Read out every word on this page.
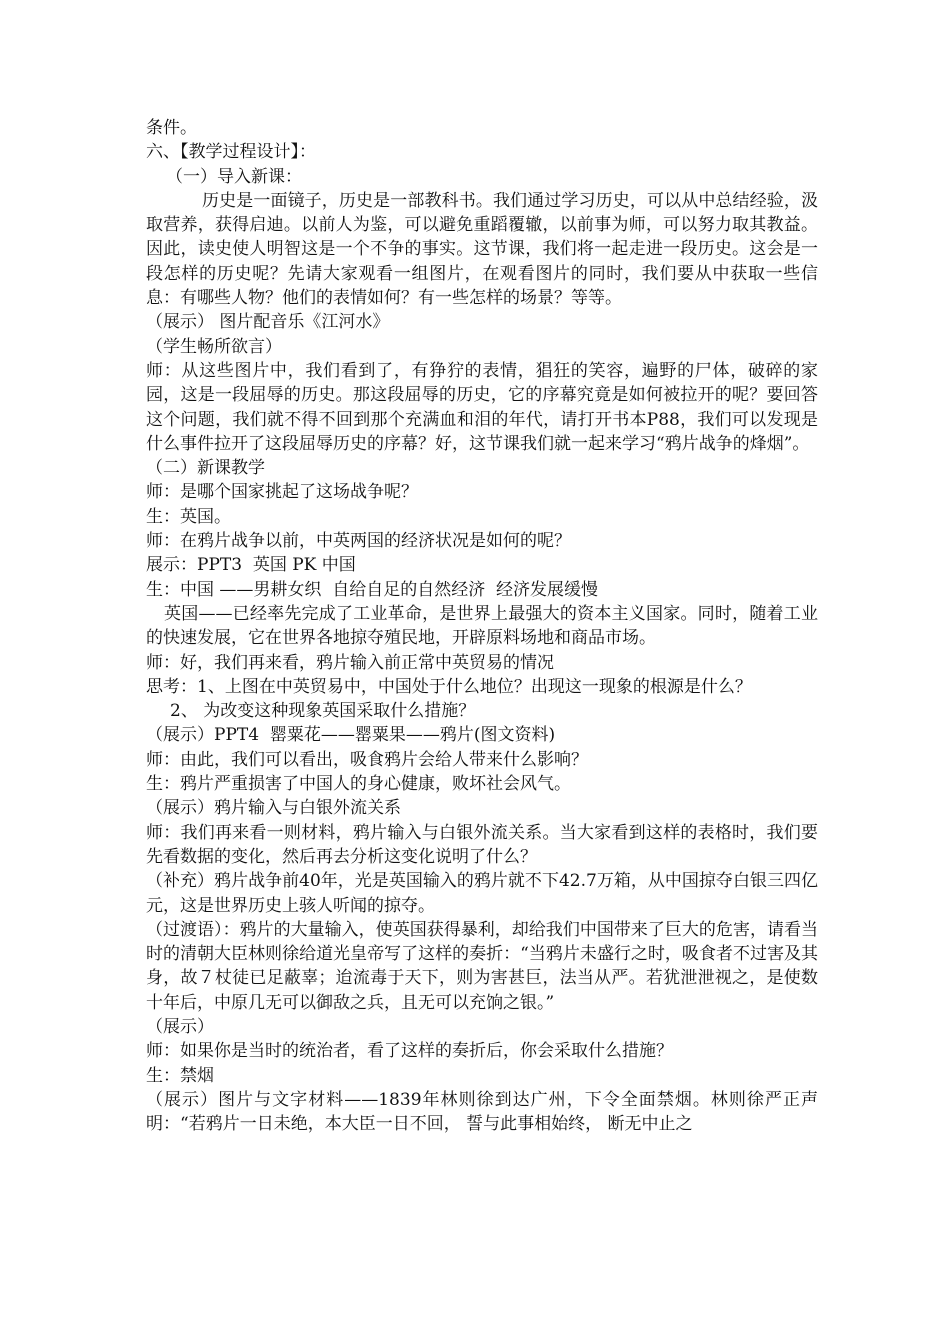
条件。
六、【教学过程设计】：
（一）导入新课：
历史是一面镜子，历史是一部教科书。我们通过学习历史，可以从中总结经验，汲取营养，获得启迪。以前人为鉴，可以避免重蹈覆辙，以前事为师，可以努力取其教益。因此，读史使人明智这是一个不争的事实。这节课，我们将一起走进一段历史。这会是一段怎样的历史呢？先请大家观看一组图片，在观看图片的同时，我们要从中获取一些信息：有哪些人物？他们的表情如何？有一些怎样的场景？等等。
（展示） 图片配音乐《江河水》
（学生畅所欲言）
师：从这些图片中，我们看到了，有狰狞的表情，猖狂的笑容，遍野的尸体，破碎的家园，这是一段屈辱的历史。那这段屈辱的历史，它的序幕究竟是如何被拉开的呢？要回答这个问题，我们就不得不回到那个充满血和泪的年代，请打开书本P88，我们可以发现是什么事件拉开了这段屈辱历史的序幕？好，这节课我们就一起来学习“鸦片战争的烽烟”。
（二）新课教学
师：是哪个国家挑起了这场战争呢？
生：英国。
师：在鸦片战争以前，中英两国的经济状况是如何的呢？
展示：PPT3  英国 PK 中国
生：中国 ——男耕女织  自给自足的自然经济  经济发展缓慢
英国——已经率先完成了工业革命，是世界上最强大的资本主义国家。同时，随着工业的快速发展，它在世界各地掠夺殖民地，开辟原料场地和商品市场。
师：好，我们再来看，鸦片输入前正常中英贸易的情况
思考：1、上图在中英贸易中，中国处于什么地位？出现这一现象的根源是什么？
2、 为改变这种现象英国采取什么措施？
（展示）PPT4  罂粟花——罂粟果——鸦片(图文资料)
师：由此，我们可以看出，吸食鸦片会给人带来什么影响？
生：鸦片严重损害了中国人的身心健康，败坏社会风气。
（展示）鸦片输入与白银外流关系
师：我们再来看一则材料，鸦片输入与白银外流关系。当大家看到这样的表格时，我们要先看数据的变化，然后再去分析这变化说明了什么？
（补充）鸦片战争前40年，光是英国输入的鸦片就不下42.7万箱，从中国掠夺白银三四亿元，这是世界历史上骇人听闻的掠夺。
（过渡语）：鸦片的大量输入，使英国获得暴利，却给我们中国带来了巨大的危害，请看当时的清朝大臣林则徐给道光皇帝写了这样的奏折：“当鸦片未盛行之时，吸食者不过害及其身，故７杖徒已足蔽辜；迨流毒于天下，则为害甚巨，法当从严。若犹泄泄视之，是使数十年后，中原几无可以御敌之兵，且无可以充饷之银。”
（展示）
师：如果你是当时的统治者，看了这样的奏折后，你会采取什么措施？
生：禁烟
（展示）图片与文字材料——1839年林则徐到达广州，下令全面禁烟。林则徐严正声明：“若鸦片一日未绝，本大臣一日不回， 誓与此事相始终， 断无中止之
